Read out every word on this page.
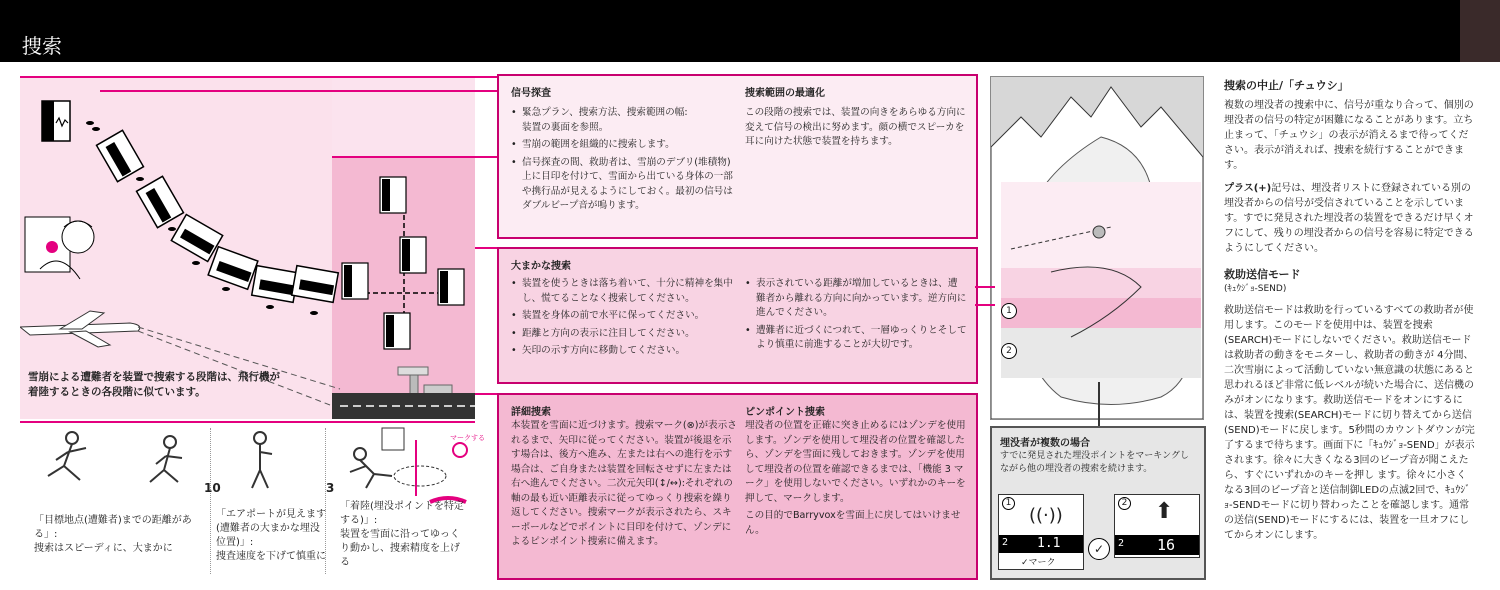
捜索
雪崩による遭難者を装置で捜索する段階は、飛行機が着陸するときの各段階に似ています。
マークする
10	3
「目標地点(遭難者)までの距離がある」:
捜索はスピーディに、大まかに
「エアポートが見えます(遭難者の大まかな埋没位置)」:
捜査速度を下げて慎重に
「着陸(埋没ポイントを特定する)」:
装置を雪面に沿ってゆっくり動かし、捜索精度を上げる
信号探査
• 緊急プラン、捜索方法、捜索範囲の幅:
装置の裏面を参照。
• 雪崩の範囲を組織的に捜索します。
• 信号探査の間、救助者は、雪崩のデブリ(堆積物)上に目印を付けて、雪面から出ている身体の一部や携行品が見えるようにしておく。最初の信号はダブルビープ音が鳴ります。
捜索範囲の最適化
この段階の捜索では、装置の向きをあらゆる方向に変えて信号の検出に努めます。顔の横でスピーカを耳に向けた状態で装置を持ちます。
大まかな捜索
• 装置を使うときは落ち着いて、十分に精神を集中し、慌てることなく捜索してください。
• 装置を身体の前で水平に保ってください。
• 距離と方向の表示に注目してください。
• 矢印の示す方向に移動してください。
• 表示されている距離が増加しているときは、遭難者から離れる方向に向かっています。逆方向に進んでください。
• 遭難者に近づくにつれて、一層ゆっくりとそして より慎重に前進することが大切です。
詳細捜索
本装置を雪面に近づけます。捜索マーク(⊗)が表示されるまで、矢印に従ってください。装置が後退を示す場合は、後方へ進み、左または右への進行を示す場合は、ご自身または装置を回転させずに左または右へ進んでください。二次元矢印(↕/↔):それぞれの軸の最も近い距離表示に従ってゆっくり捜索を繰り返してください。捜索マークが表示されたら、スキーポールなどでポイントに目印を付けて、ゾンデによるピンポイント捜索に備えます。
ピンポイント捜索
埋没者の位置を正確に突き止めるにはゾンデを使用します。ゾンデを使用して埋没者の位置を確認したら、ゾンデを雪面に残しておきます。ゾンデを使用して埋没者の位置を確認できるまでは、「機能 3 マーク」を使用しないでください。いずれかのキーを押して、マークします。
この目的でBarryvoxを雪面上に戻してはいけません。
1
2
埋没者が複数の場合
すでに発見された埋没ポイントをマーキングしながら他の埋没者の捜索を続けます。
1
((·))
2 1.1
✓マーク
✓
2 ⬆
2 16
捜索の中止/「チュウシ」
複数の埋没者の捜索中に、信号が重なり合って、個別の埋没者の信号の特定が困難になることがあります。立ち止まって、「チュウシ」の表示が消えるまで待ってください。表示が消えれば、捜索を続行することができます。
プラス(+)記号は、埋没者リストに登録されている別の埋没者からの信号が受信されていることを示しています。すでに発見された埋没者の装置をできるだけ早くオフにして、残りの埋没者からの信号を容易に特定できるようにしてください。
救助送信モード
(ｷｭｳｼﾞｮ-SEND)
救助送信モードは救助を行っているすべての救助者が使用します。このモードを使用中は、装置を捜索(SEARCH)モードにしないでください。救助送信モードは救助者の動きをモニターし、救助者の動きが 4分間、二次雪崩によって活動していない無意識の状態にあると思われるほど非常に低レベルが続いた場合に、送信機のみがオンになります。救助送信モードをオンにするには、装置を捜索(SEARCH)モードに切り替えてから送信(SEND)モードに戻します。5秒間のカウントダウンが完了するまで待ちます。画面下に「ｷｭｳｼﾞｮ-SEND」が表示されます。徐々に大きくなる3回のビープ音が聞こえたら、すぐにいずれかのキーを押し ます。徐々に小さくなる3回のビープ音と送信制御LEDの点滅2回で、ｷｭｳｼﾞｮ-SENDモードに切り替わったことを確認します。通常の送信(SEND)モードにするには、装置を一旦オフにしてからオンにします。
